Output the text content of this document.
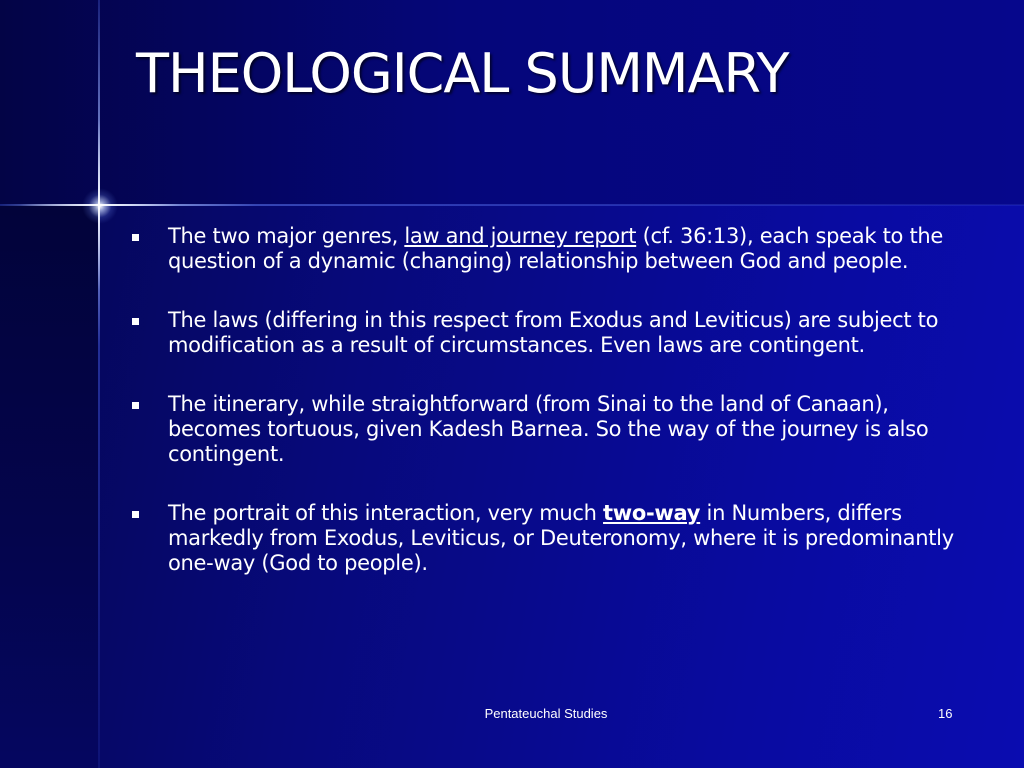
THEOLOGICAL SUMMARY
The two major genres, law and journey report (cf. 36:13), each speak to the question of a dynamic (changing) relationship between God and people.
The laws (differing in this respect from Exodus and Leviticus) are subject to modification as a result of circumstances. Even laws are contingent.
The itinerary, while straightforward (from Sinai to the land of Canaan), becomes tortuous, given Kadesh Barnea. So the way of the journey is also contingent.
The portrait of this interaction, very much two-way in Numbers, differs markedly from Exodus, Leviticus, or Deuteronomy, where it is predominantly one-way (God to people).
Pentateuchal Studies	16
